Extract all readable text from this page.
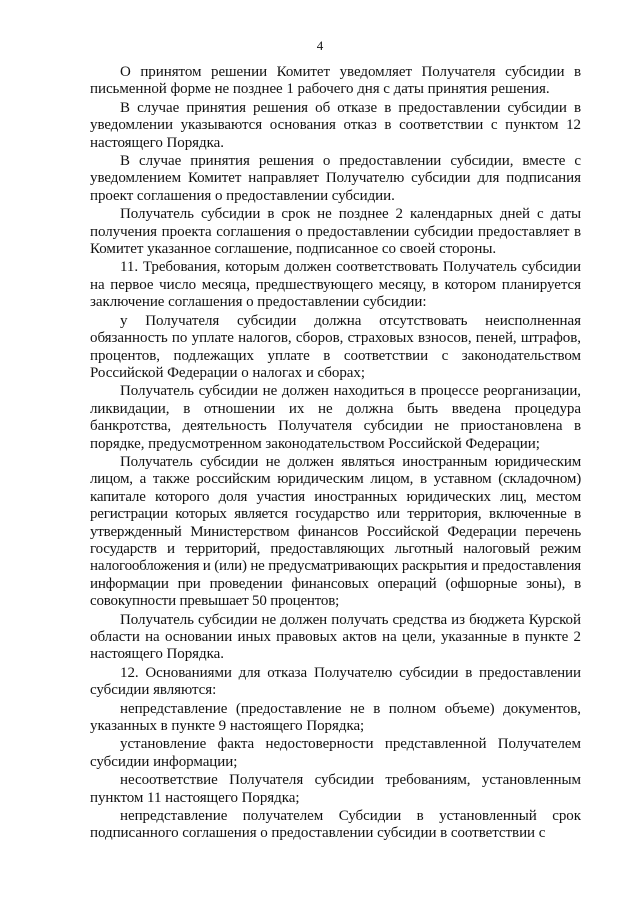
4

О принятом решении Комитет уведомляет Получателя субсидии в письменной форме не позднее 1 рабочего дня с даты принятия решения.

В случае принятия решения об отказе в предоставлении субсидии в уведомлении указываются основания отказ в соответствии с пунктом 12 настоящего Порядка.

В случае принятия решения о предоставлении субсидии, вместе с уведомлением Комитет направляет Получателю субсидии для подписания проект соглашения о предоставлении субсидии.

Получатель субсидии в срок не позднее 2 календарных дней с даты получения проекта соглашения о предоставлении субсидии предоставляет в Комитет указанное соглашение, подписанное со своей стороны.

11. Требования, которым должен соответствовать Получатель субсидии на первое число месяца, предшествующего месяцу, в котором планируется заключение соглашения о предоставлении субсидии:

у Получателя субсидии должна отсутствовать неисполненная обязанность по уплате налогов, сборов, страховых взносов, пеней, штрафов, процентов, подлежащих уплате в соответствии с законодательством Российской Федерации о налогах и сборах;

Получатель субсидии не должен находиться в процессе реорганизации, ликвидации, в отношении их не должна быть введена процедура банкротства, деятельность Получателя субсидии не приостановлена в порядке, предусмотренном законодательством Российской Федерации;

Получатель субсидии не должен являться иностранным юридическим лицом, а также российским юридическим лицом, в уставном (складочном) капитале которого доля участия иностранных юридических лиц, местом регистрации которых является государство или территория, включенные в утвержденный Министерством финансов Российской Федерации перечень государств и территорий, предоставляющих льготный налоговый режим налогообложения и (или) не предусматривающих раскрытия и предоставления информации при проведении финансовых операций (офшорные зоны), в совокупности превышает 50 процентов;

Получатель субсидии не должен получать средства из бюджета Курской области на основании иных правовых актов на цели, указанные в пункте 2 настоящего Порядка.

12. Основаниями для отказа Получателю субсидии в предоставлении субсидии являются:

непредставление (предоставление не в полном объеме) документов, указанных в пункте 9 настоящего Порядка;

установление факта недостоверности представленной Получателем субсидии информации;

несоответствие Получателя субсидии требованиям, установленным пунктом 11 настоящего Порядка;

непредставление получателем Субсидии в установленный срок подписанного соглашения о предоставлении субсидии в соответствии с
